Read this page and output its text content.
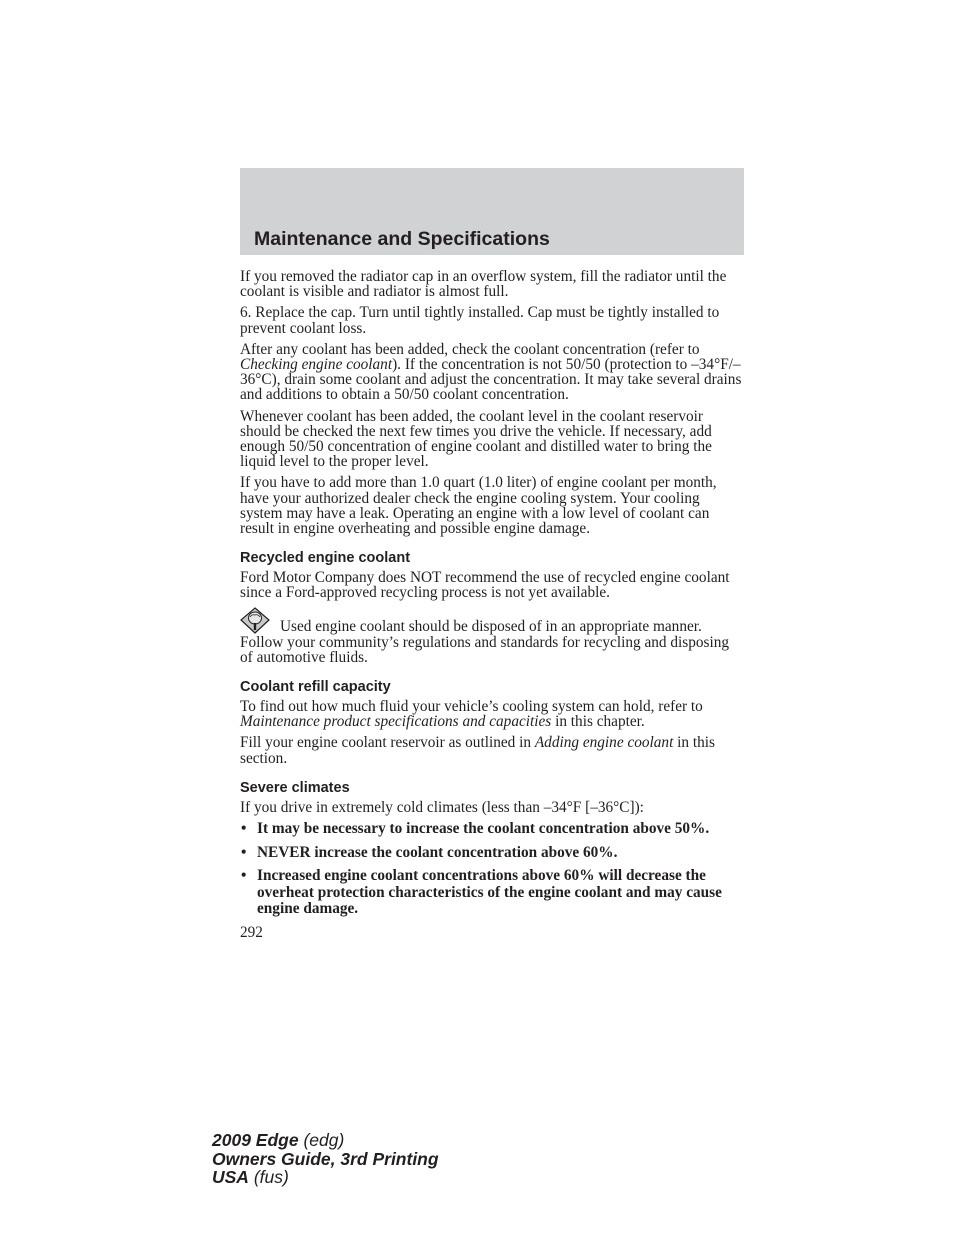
Maintenance and Specifications

If you removed the radiator cap in an overflow system, fill the radiator until the coolant is visible and radiator is almost full.

6. Replace the cap. Turn until tightly installed. Cap must be tightly installed to prevent coolant loss.

After any coolant has been added, check the coolant concentration (refer to Checking engine coolant). If the concentration is not 50/50 (protection to –34°F/–36°C), drain some coolant and adjust the concentration. It may take several drains and additions to obtain a 50/50 coolant concentration.

Whenever coolant has been added, the coolant level in the coolant reservoir should be checked the next few times you drive the vehicle. If necessary, add enough 50/50 concentration of engine coolant and distilled water to bring the liquid level to the proper level.

If you have to add more than 1.0 quart (1.0 liter) of engine coolant per month, have your authorized dealer check the engine cooling system. Your cooling system may have a leak. Operating an engine with a low level of coolant can result in engine overheating and possible engine damage.

Recycled engine coolant

Ford Motor Company does NOT recommend the use of recycled engine coolant since a Ford-approved recycling process is not yet available.

Used engine coolant should be disposed of in an appropriate manner. Follow your community’s regulations and standards for recycling and disposing of automotive fluids.

Coolant refill capacity

To find out how much fluid your vehicle’s cooling system can hold, refer to Maintenance product specifications and capacities in this chapter.

Fill your engine coolant reservoir as outlined in Adding engine coolant in this section.

Severe climates

If you drive in extremely cold climates (less than –34°F [–36°C]):

• It may be necessary to increase the coolant concentration above 50%.
• NEVER increase the coolant concentration above 60%.
• Increased engine coolant concentrations above 60% will decrease the overheat protection characteristics of the engine coolant and may cause engine damage.
292
2009 Edge (edg)
Owners Guide, 3rd Printing
USA (fus)
